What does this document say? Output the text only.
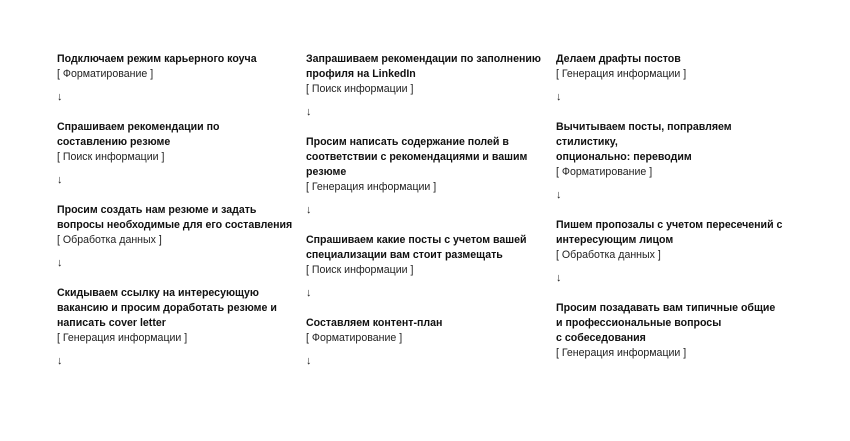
Подключаем режим карьерного коуча

[ Форматирование ]

↓

Спрашиваем рекомендации по
составлению резюме

[ Поиск информации ]

↓

Просим создать нам резюме и задать
вопросы необходимые для его составления

[ Обработка данных ]

↓

Скидываем ссылку на интересующую
вакансию и просим доработать резюме и
написать cover letter

[ Генерация информации ]

↓

Запрашиваем рекомендации по заполнению
профиля на LinkedIn

[ Поиск информации ]

↓

Просим написать содержание полей в
соответствии с рекомендациями и вашим
резюме

[ Генерация информации ]

↓

Спрашиваем какие посты с учетом вашей
специализации вам стоит размещать

[ Поиск информации ]

↓

Составляем контент-план

[ Форматирование ]

↓

Делаем драфты постов

[ Генерация информации ]

↓

Вычитываем посты, поправляем стилистику,
опционально: переводим

[ Форматирование ]

↓

Пишем пропозалы с учетом пересечений с
интересующим лицом

[ Обработка данных ]

↓

Просим позадавать вам типичные общие
и профессиональные вопросы
с собеседования

[ Генерация информации ]
